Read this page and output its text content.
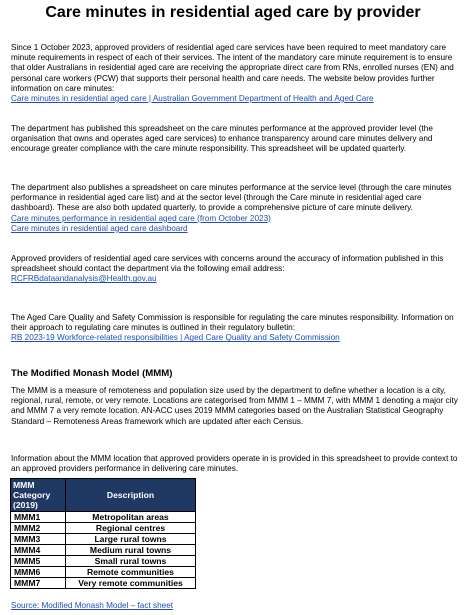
Care minutes in residential aged care by provider

Since 1 October 2023, approved providers of residential aged care services have been required to meet mandatory care minute requirements in respect of each of their services. The intent of the mandatory care minute requirement is to ensure that older Australians in residential aged care are receiving the appropriate direct care from RNs, enrolled nurses (EN) and personal care workers (PCW) that supports their personal health and care needs. The website below provides further information on care minutes:

Care minutes in residential aged care | Australian Government Department of Health and Aged Care

The department has published this spreadsheet on the care minutes performance at the approved provider level (the organisation that owns and operates aged care services) to enhance transparency around care minutes delivery and encourage greater compliance with the care minute responsibility. This spreadsheet will be updated quarterly.

The department also publishes a spreadsheet on care minutes performance at the service level (through the care minutes performance in residential aged care list) and at the sector level (through the Care minute in residential aged care dashboard). These are also both updated quarterly, to provide a comprehensive picture of care minute delivery.

Care minutes performance in residential aged care (from October 2023)
Care minutes in residential aged care dashboard

Approved providers of residential aged care services with concerns around the accuracy of information published in this spreadsheet should contact the department via the following email address:

RCFRBdataandanalysis@Health.gov.au

The Aged Care Quality and Safety Commission is responsible for regulating the care minutes responsibility. Information on their approach to regulating care minutes is outlined in their regulatory bulletin:

RB 2023-19 Workforce-related responsibilities | Aged Care Quality and Safety Commission
The Modified Monash Model (MMM)

The MMM is a measure of remoteness and population size used by the department to define whether a location is a city, regional, rural, remote, or very remote. Locations are categorised from MMM 1 – MMM 7, with MMM 1 denoting a major city and MMM 7 a very remote location. AN-ACC uses 2019 MMM categories based on the Australian Statistical Geography Standard – Remoteness Areas framework which are updated after each Census.

Information about the MMM location that approved providers operate in is provided in this spreadsheet to provide context to an approved providers performance in delivering care minutes.

MMM Category (2019)	Description
MMM1	Metropolitan areas
MMM2	Regional centres
MMM3	Large rural towns
MMM4	Medium rural towns
MMM5	Small rural towns
MMM6	Remote communities
MMM7	Very remote communities
Source: Modified Monash Model – fact sheet
